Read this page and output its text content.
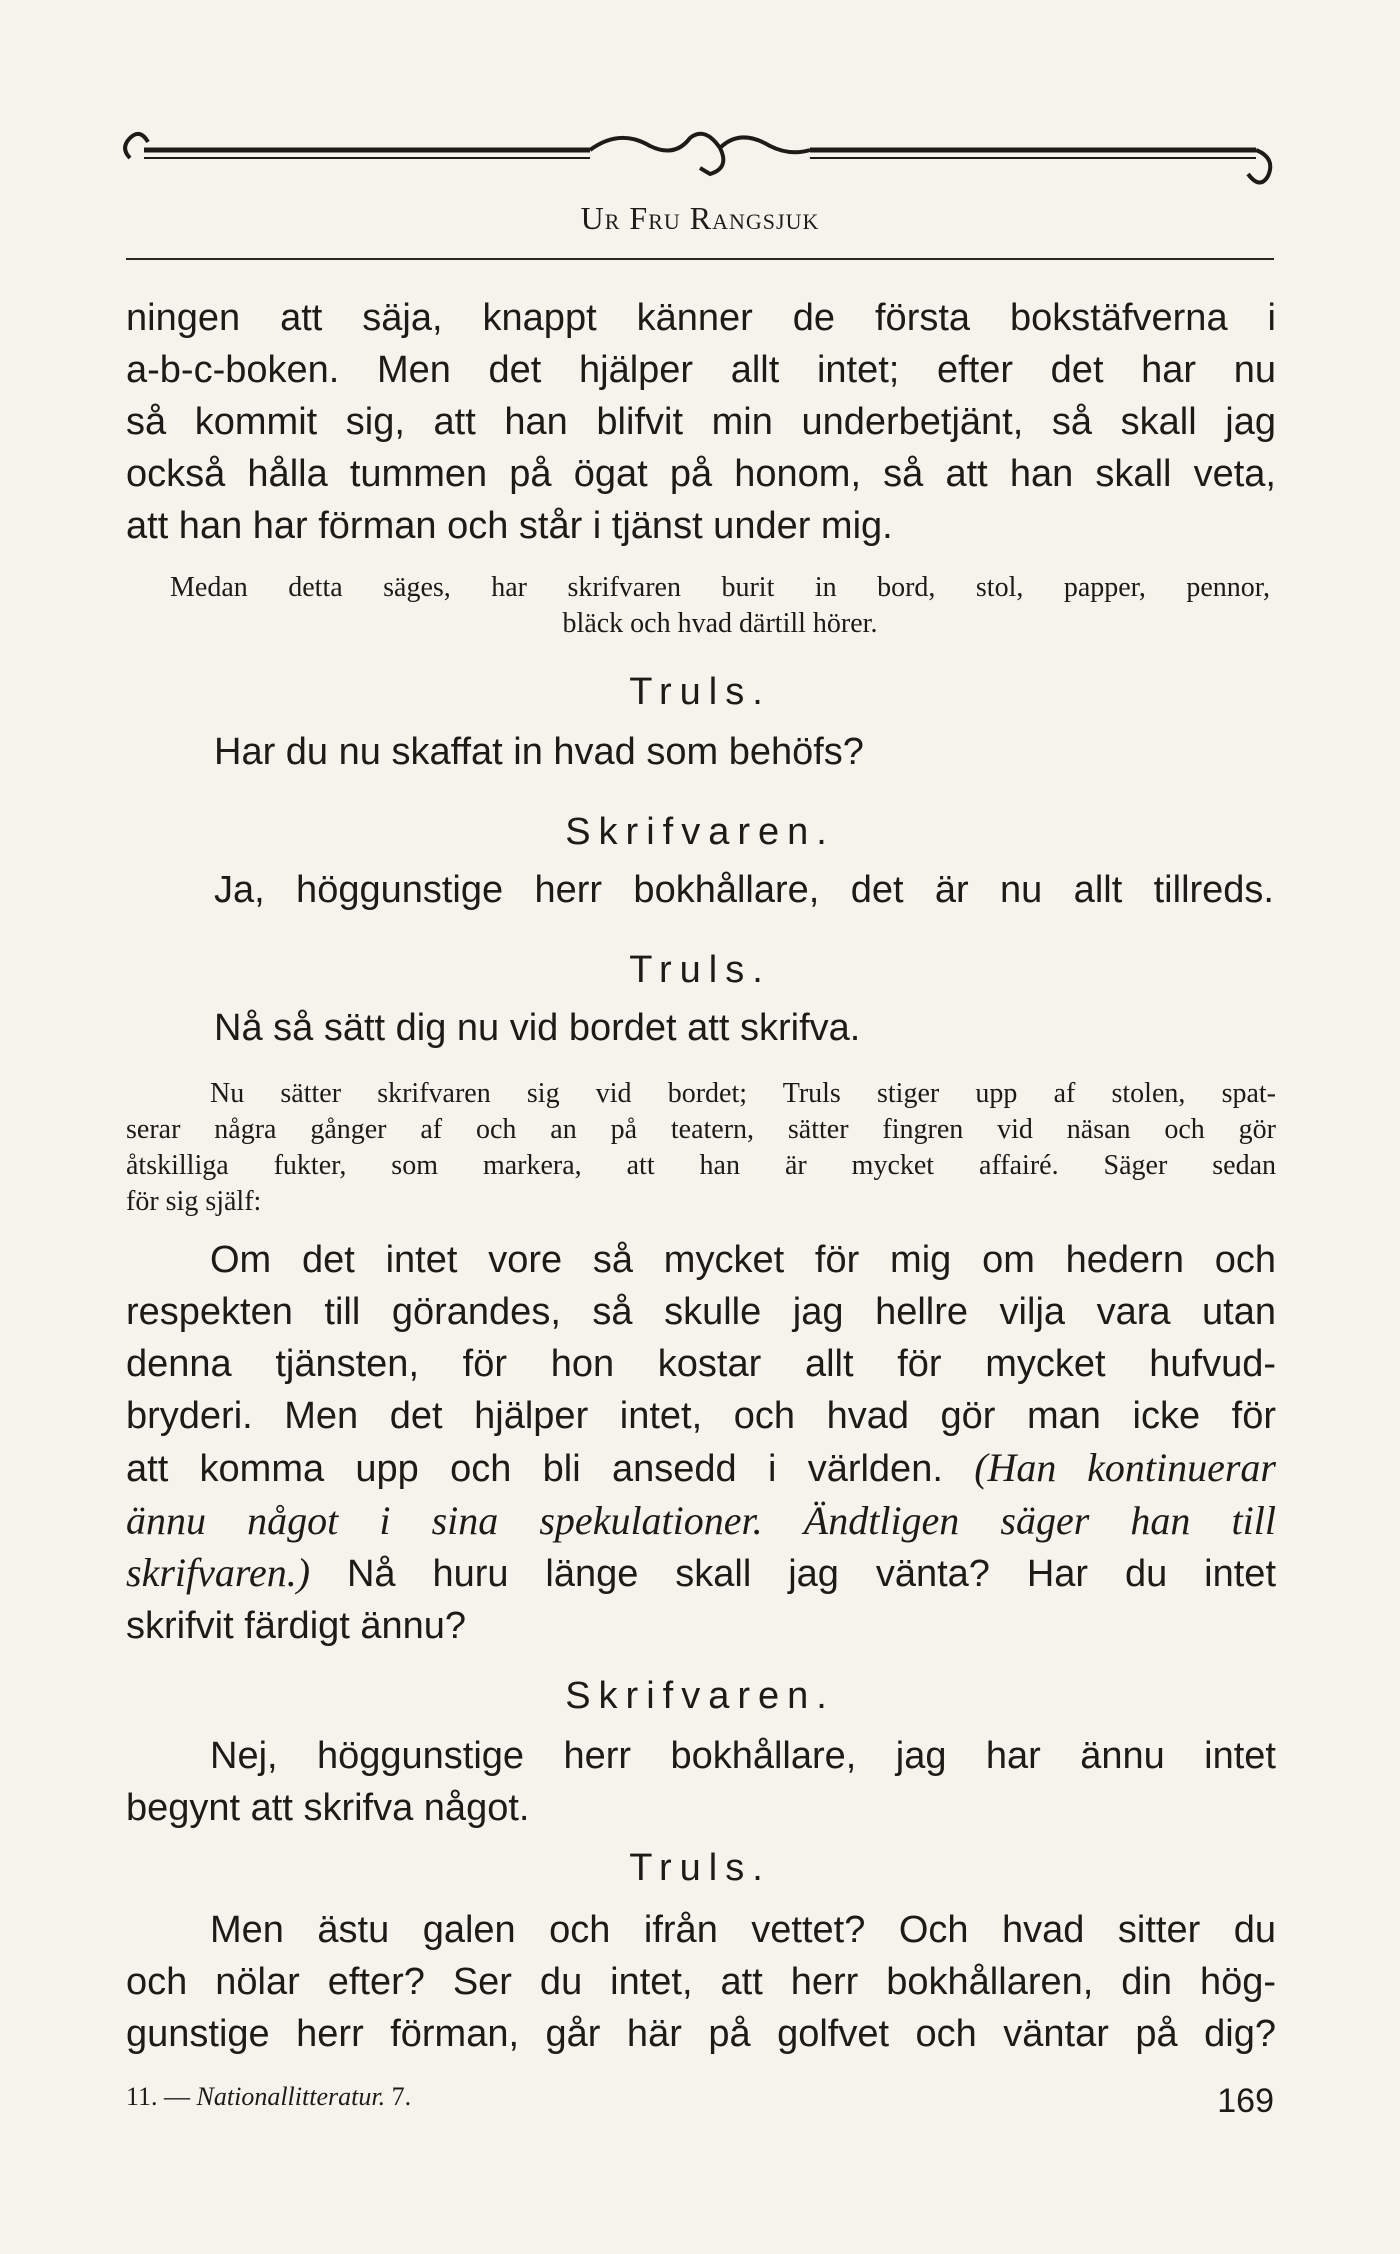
Ur Fru Rangsjuk

ningen att säja, knappt känner de första bokstäfverna i

a-b-c-boken. Men det hjälper allt intet; efter det har nu

så kommit sig, att han blifvit min underbetjänt, så skall jag

också hålla tummen på ögat på honom, så att han skall veta,

att han har förman och står i tjänst under mig.

Medan detta säges, har skrifvaren burit in bord, stol, papper, pennor,

bläck och hvad därtill hörer.

Truls.

Har du nu skaffat in hvad som behöfs?

Skrifvaren.

Ja, höggunstige herr bokhållare, det är nu allt tillreds.

Truls.

Nå så sätt dig nu vid bordet att skrifva.

Nu sätter skrifvaren sig vid bordet; Truls stiger upp af stolen, spat-

serar några gånger af och an på teatern, sätter fingren vid näsan och gör

åtskilliga fukter, som markera, att han är mycket affairé. Säger sedan

för sig själf:

Om det intet vore så mycket för mig om hedern och

respekten till görandes, så skulle jag hellre vilja vara utan

denna tjänsten, för hon kostar allt för mycket hufvud-

bryderi. Men det hjälper intet, och hvad gör man icke för

att komma upp och bli ansedd i världen. (Han kontinuerar

ännu något i sina spekulationer. Ändtligen säger han till

skrifvaren.) Nå huru länge skall jag vänta? Har du intet

skrifvit färdigt ännu?

Skrifvaren.

Nej, höggunstige herr bokhållare, jag har ännu intet

begynt att skrifva något.

Truls.

Men ästu galen och ifrån vettet? Och hvad sitter du

och nölar efter? Ser du intet, att herr bokhållaren, din hög-

gunstige herr förman, går här på golfvet och väntar på dig?

11. — Nationallitteratur. 7.	169
